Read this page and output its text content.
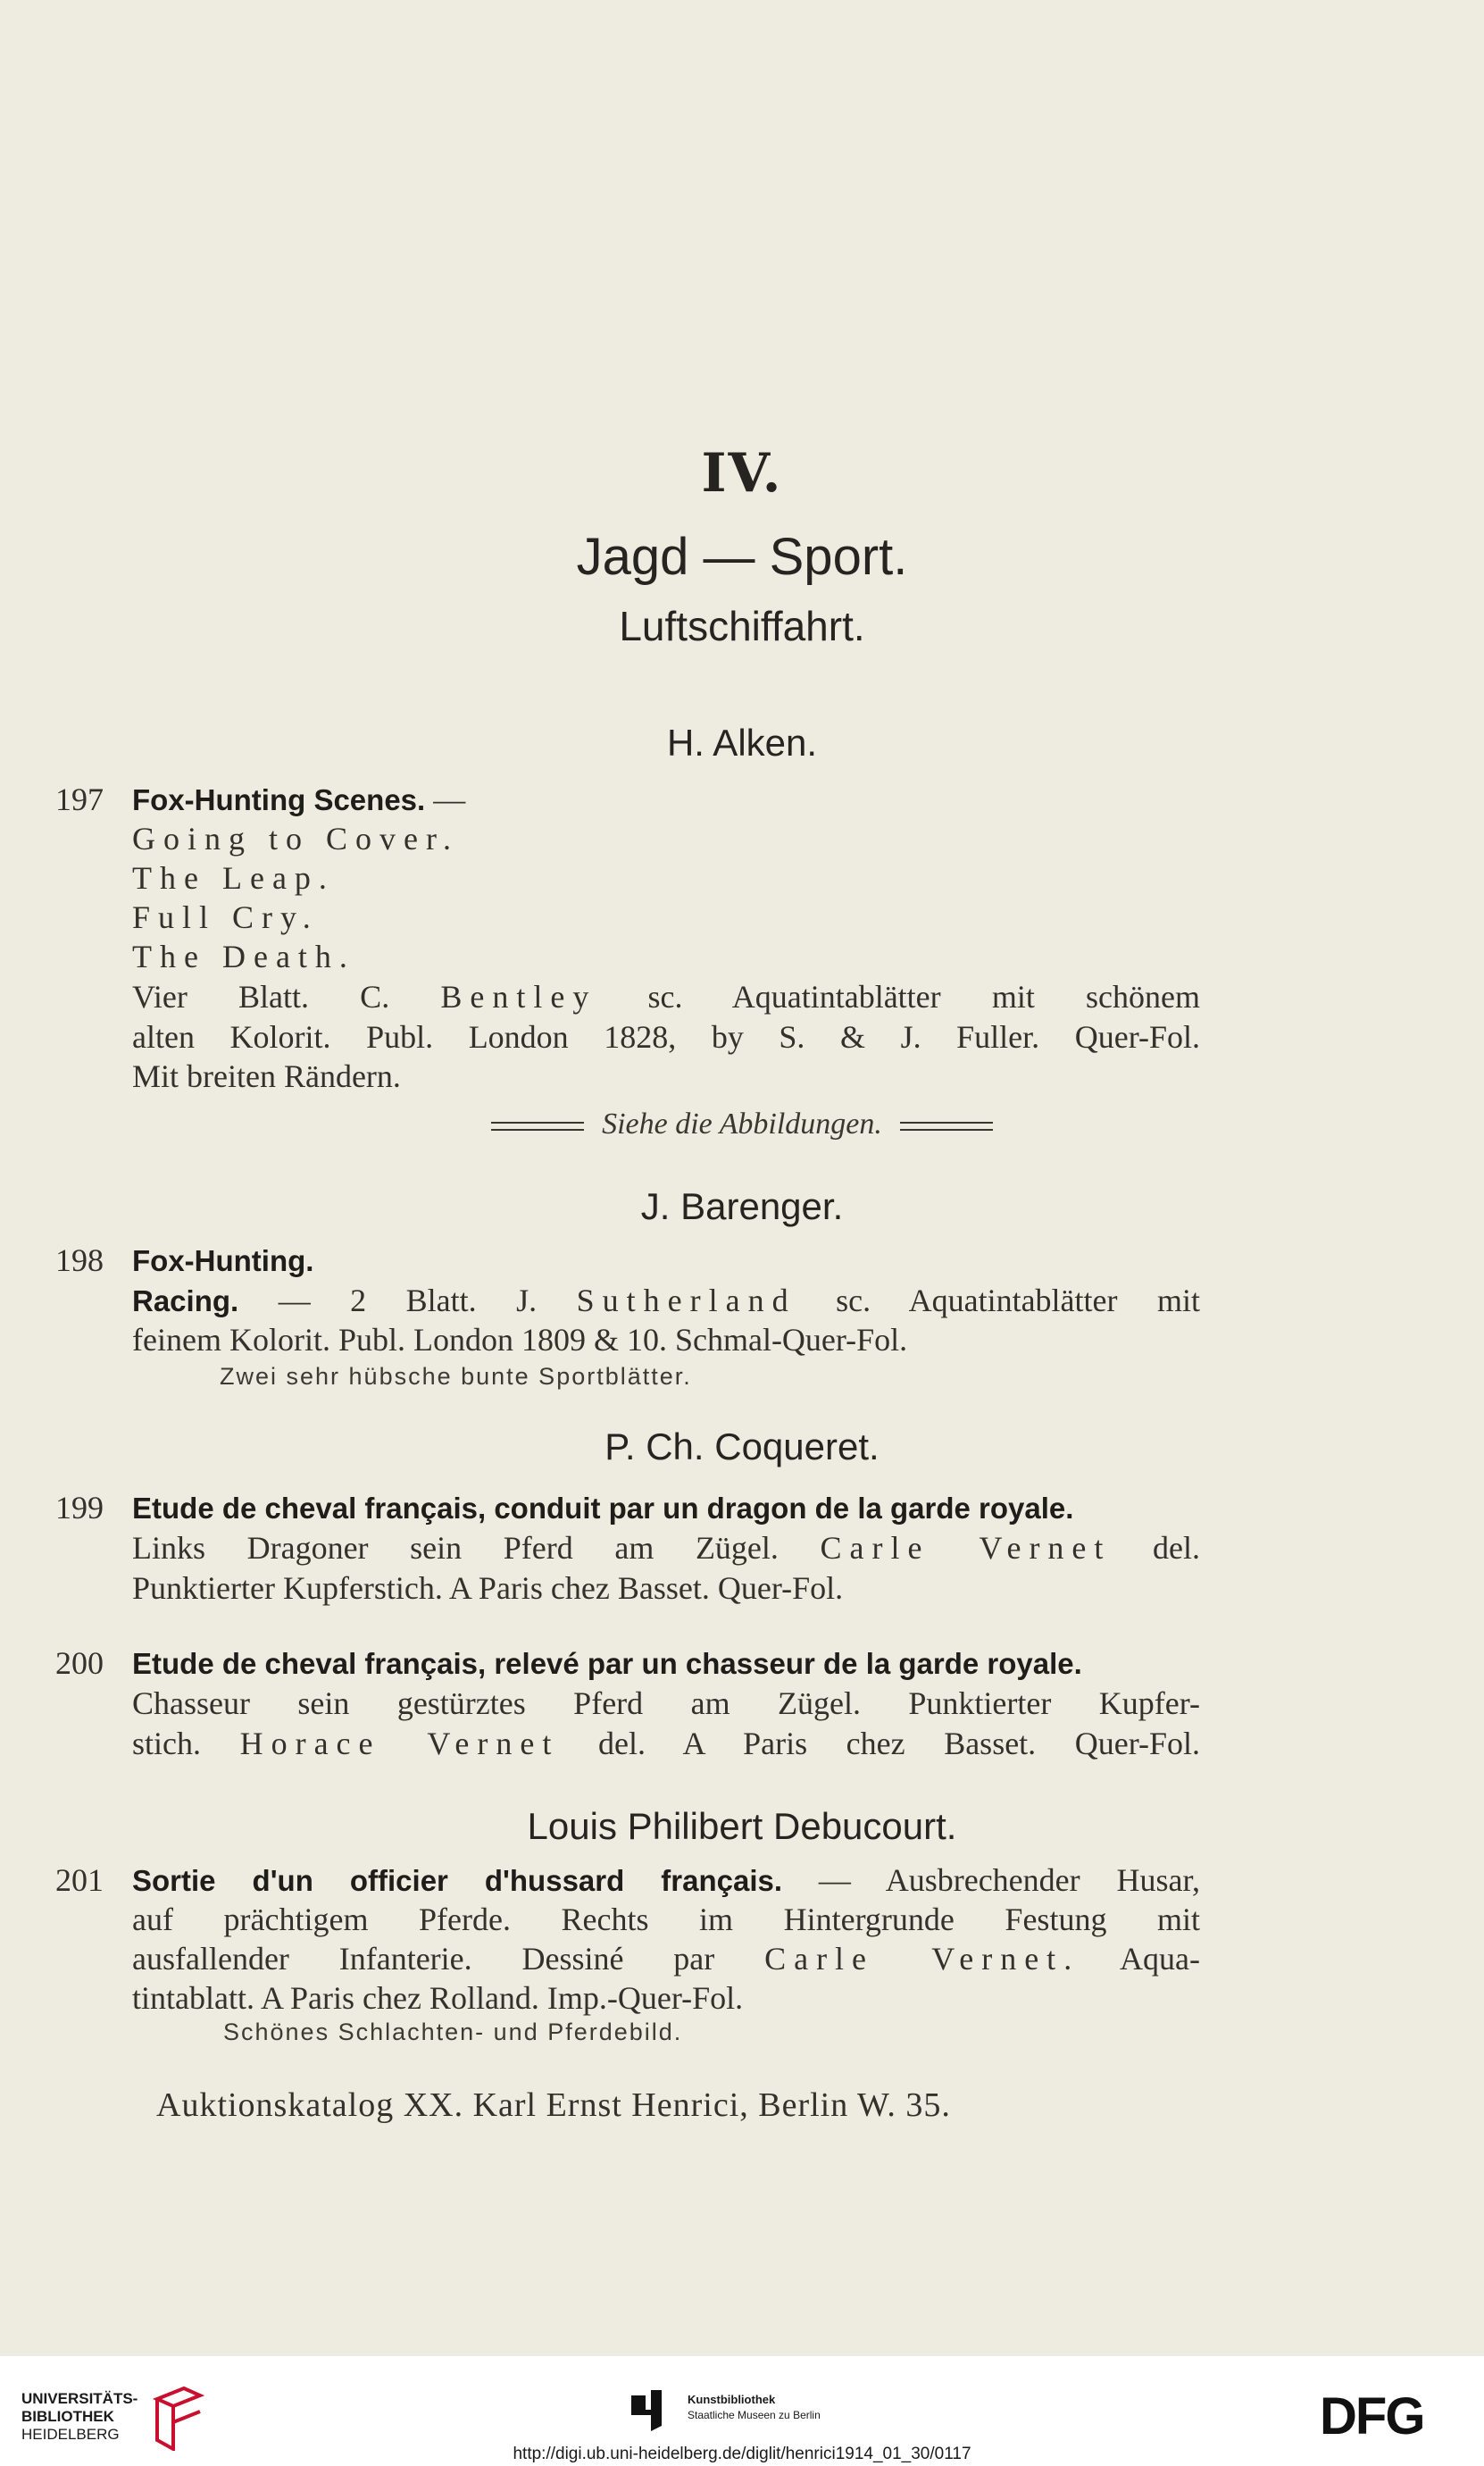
IV.
Jagd — Sport.
Luftschiffahrt.
H. Alken.
197 Fox-Hunting Scenes. —
Going to Cover.
The Leap.
Full Cry.
The Death.
Vier Blatt. C. Bentley sc. Aquatintablätter mit schönem
alten Kolorit. Publ. London 1828, by S. & J. Fuller. Quer-Fol.
Mit breiten Rändern.
Siehe die Abbildungen.
J. Barenger.
198 Fox-Hunting.
Racing. — 2 Blatt. J. Sutherland sc. Aquatintablätter mit
feinem Kolorit. Publ. London 1809 & 10. Schmal-Quer-Fol.
Zwei sehr hübsche bunte Sportblätter.
P. Ch. Coqueret.
199 Etude de cheval français, conduit par un dragon de la garde royale.
Links Dragoner sein Pferd am Zügel. Carle Vernet del.
Punktierter Kupferstich. A Paris chez Basset. Quer-Fol.
200 Etude de cheval français, relevé par un chasseur de la garde royale.
Chasseur sein gestürztes Pferd am Zügel. Punktierter Kupfer-
stich. Horace Vernet del. A Paris chez Basset. Quer-Fol.
Louis Philibert Debucourt.
201 Sortie d'un officier d'hussard français. — Ausbrechender Husar,
auf prächtigem Pferde. Rechts im Hintergrunde Festung mit
ausfallender Infanterie. Dessiné par Carle Vernet. Aqua-
tintablatt. A Paris chez Rolland. Imp.-Quer-Fol.
Schönes Schlachten- und Pferdebild.
Auktionskatalog XX. Karl Ernst Henrici, Berlin W. 35.
UNIVERSITÄTS-
BIBLIOTHEK
HEIDELBERG
Kunstbibliothek
Staatliche Museen zu Berlin	DFG
http://digi.ub.uni-heidelberg.de/diglit/henrici1914_01_30/0117
